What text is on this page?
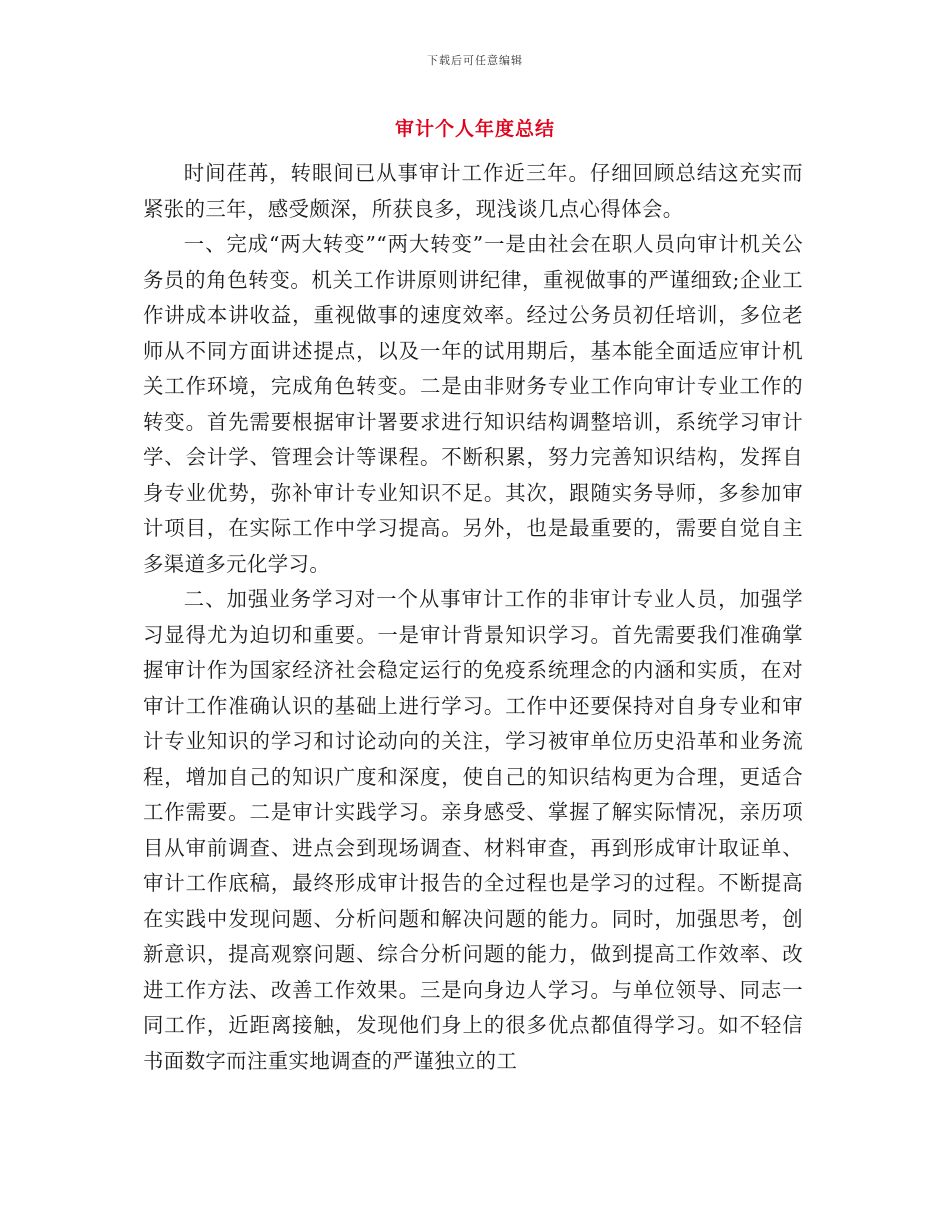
下载后可任意编辑
审计个人年度总结

时间荏苒，转眼间已从事审计工作近三年。仔细回顾总结这充实而紧张的三年，感受颇深，所获良多，现浅谈几点心得体会。

一、完成“两大转变”“两大转变”一是由社会在职人员向审计机关公务员的角色转变。机关工作讲原则讲纪律，重视做事的严谨细致;企业工作讲成本讲收益，重视做事的速度效率。经过公务员初任培训，多位老师从不同方面讲述提点，以及一年的试用期后，基本能全面适应审计机关工作环境，完成角色转变。二是由非财务专业工作向审计专业工作的转变。首先需要根据审计署要求进行知识结构调整培训，系统学习审计学、会计学、管理会计等课程。不断积累，努力完善知识结构，发挥自身专业优势，弥补审计专业知识不足。其次，跟随实务导师，多参加审计项目，在实际工作中学习提高。另外，也是最重要的，需要自觉自主多渠道多元化学习。

二、加强业务学习对一个从事审计工作的非审计专业人员，加强学习显得尤为迫切和重要。一是审计背景知识学习。首先需要我们准确掌握审计作为国家经济社会稳定运行的免疫系统理念的内涵和实质，在对审计工作准确认识的基础上进行学习。工作中还要保持对自身专业和审计专业知识的学习和讨论动向的关注，学习被审单位历史沿革和业务流程，增加自己的知识广度和深度，使自己的知识结构更为合理，更适合工作需要。二是审计实践学习。亲身感受、掌握了解实际情况，亲历项目从审前调查、进点会到现场调查、材料审查，再到形成审计取证单、审计工作底稿，最终形成审计报告的全过程也是学习的过程。不断提高在实践中发现问题、分析问题和解决问题的能力。同时，加强思考，创新意识，提高观察问题、综合分析问题的能力，做到提高工作效率、改进工作方法、改善工作效果。三是向身边人学习。与单位领导、同志一同工作，近距离接触，发现他们身上的很多优点都值得学习。如不轻信书面数字而注重实地调查的严谨独立的工
